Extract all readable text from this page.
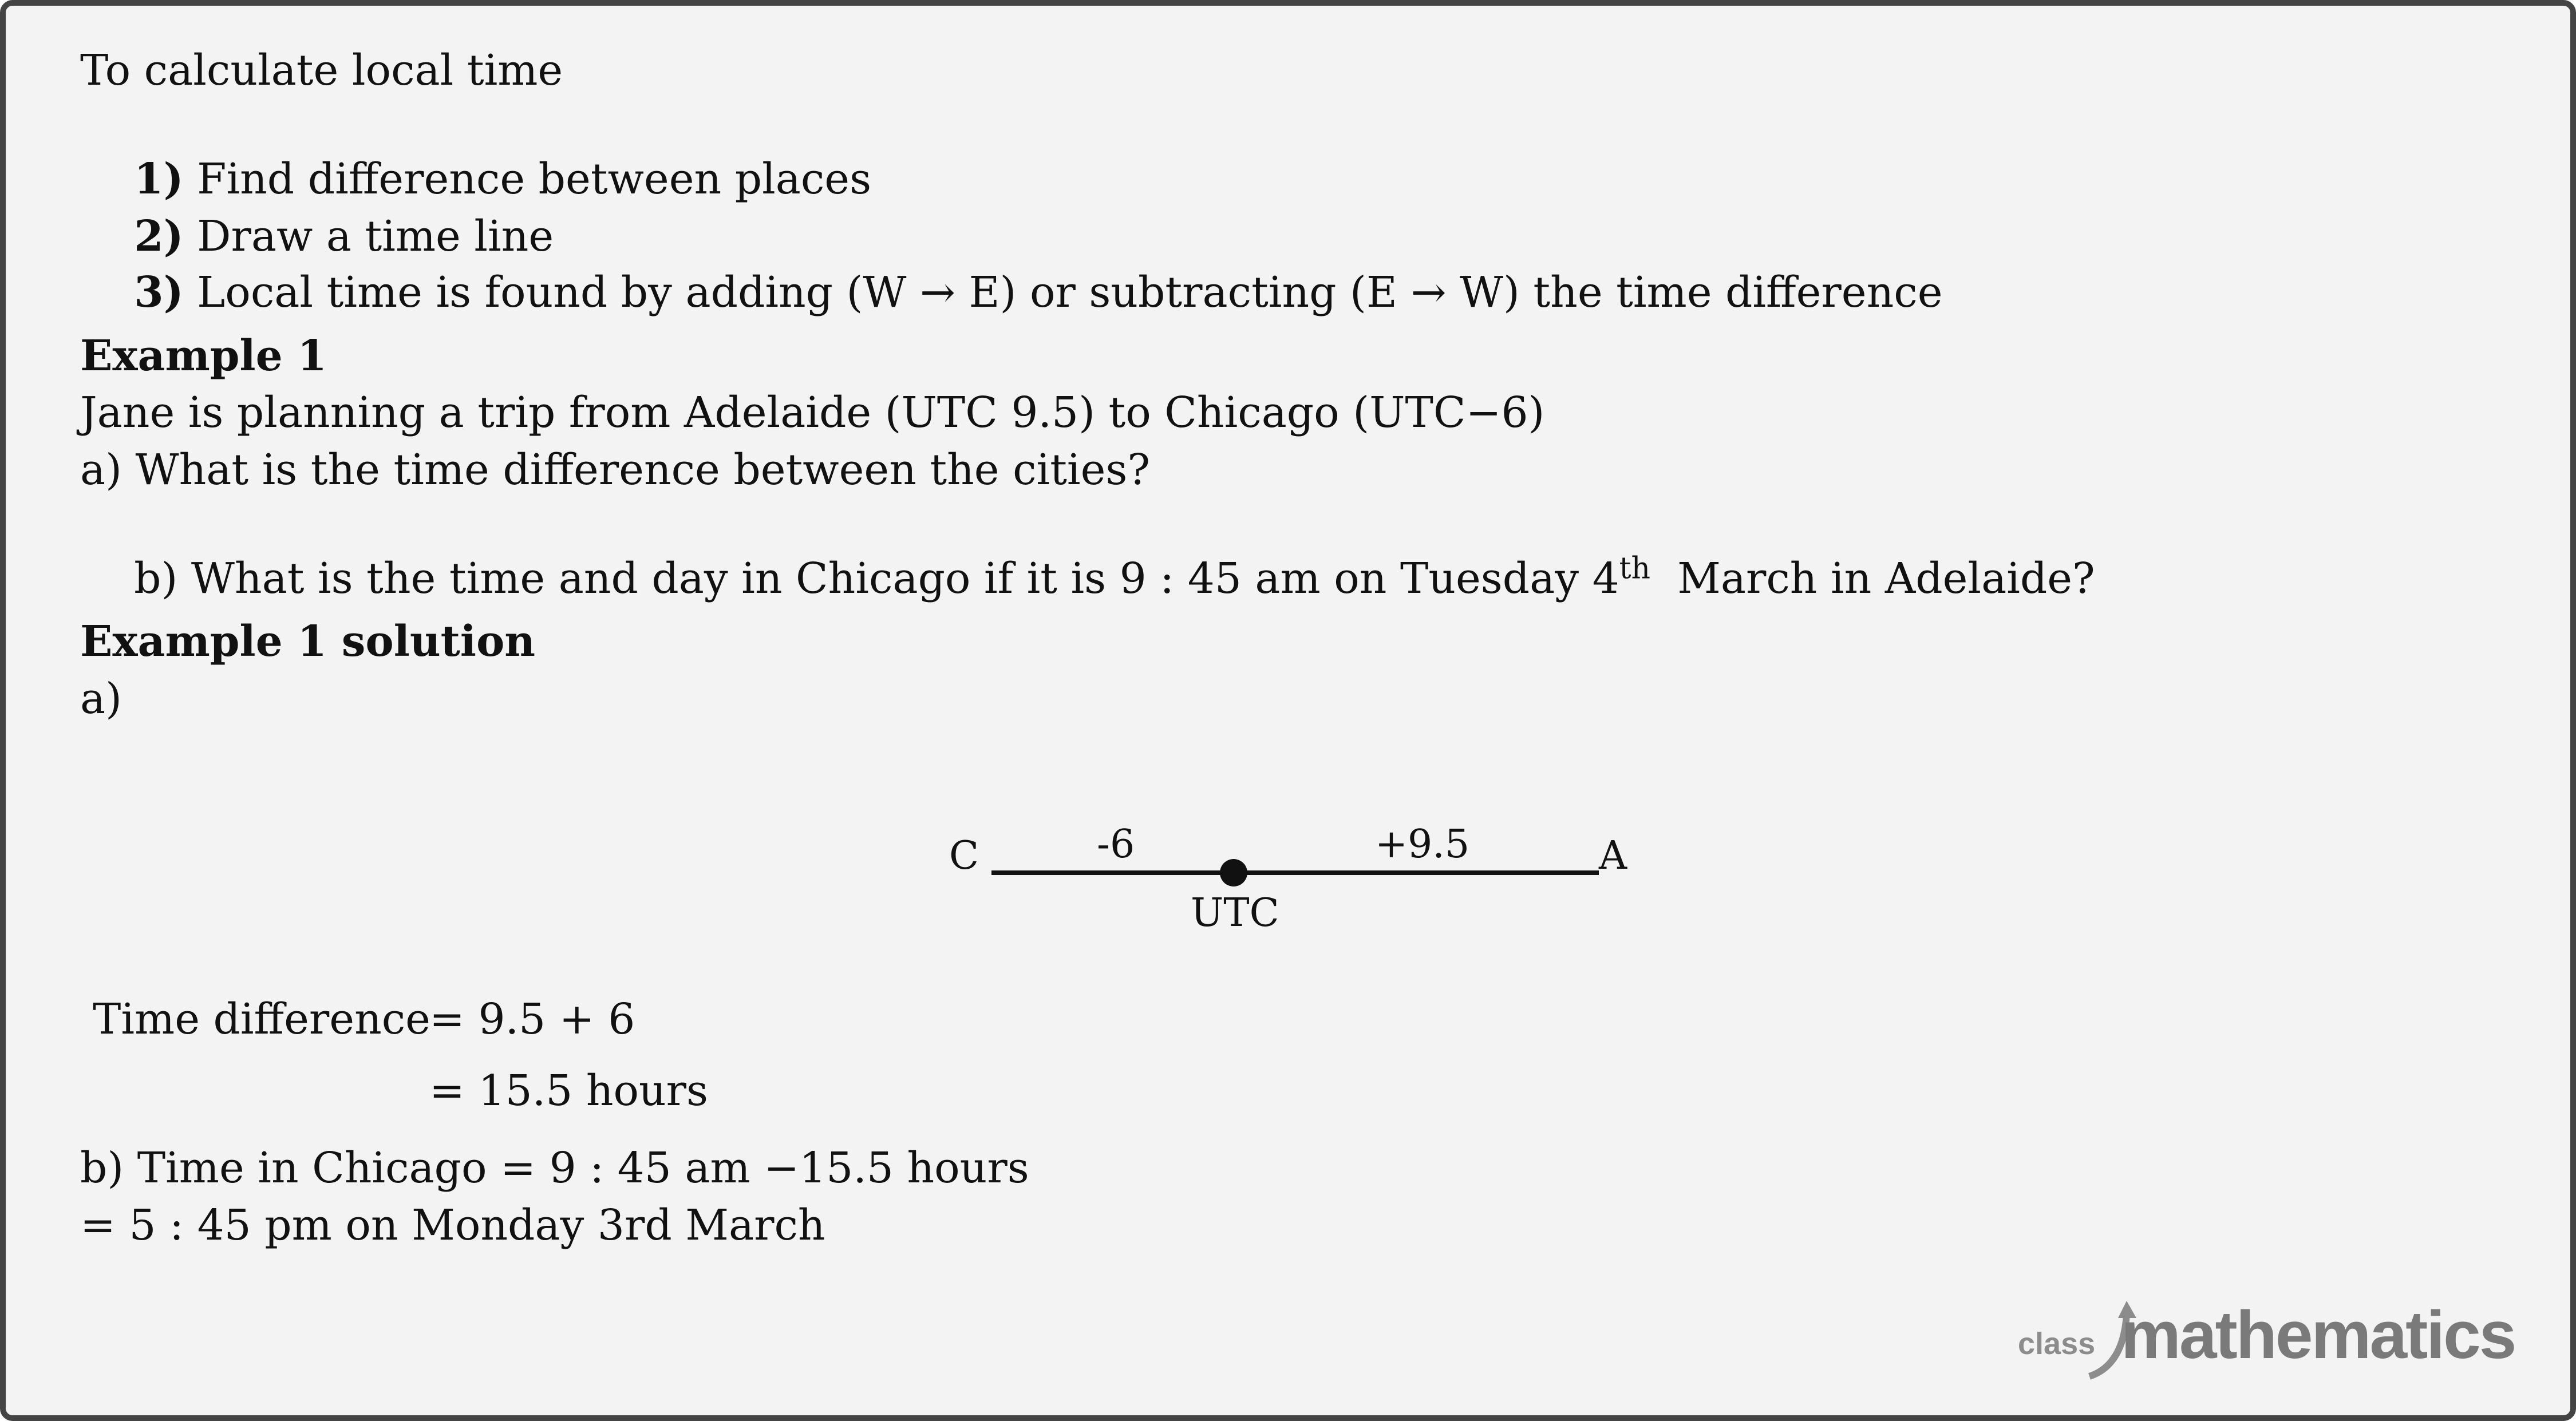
To calculate local time

1) Find difference between places

2) Draw a time line

3) Local time is found by adding (W → E) or subtracting (E → W) the time difference

Example 1
Jane is planning a trip from Adelaide (UTC 9.5) to Chicago (UTC−6)
a) What is the time difference between the cities?

b) What is the time and day in Chicago if it is 9 : 45 am on Tuesday 4th  March in Adelaide?

Example 1 solution
a)
C	A
-6	+9.5
UTC
Time difference
= 9.5 + 6
= 15.5 hours
b) Time in Chicago = 9 : 45 am −15.5 hours
= 5 : 45 pm on Monday 3rd March
class mathematics
